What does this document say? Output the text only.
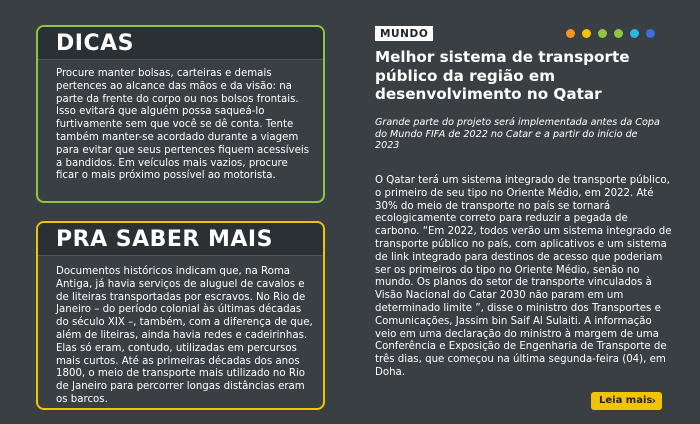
DICAS
Procure manter bolsas, carteiras e demais pertences ao alcance das mãos e da visão: na parte da frente do corpo ou nos bolsos frontais. Isso evitará que alguém possa saqueá-lo furtivamente sem que você se dê conta. Tente também manter-se acordado durante a viagem para evitar que seus pertences fiquem acessíveis a bandidos. Em veículos mais vazios, procure ficar o mais próximo possível ao motorista.
PRA SABER MAIS
Documentos históricos indicam que, na Roma Antiga, já havia serviços de aluguel de cavalos e de liteiras transportadas por escravos. No Rio de Janeiro – do período colonial às últimas décadas do século XIX –, também, com a diferença de que, além de liteiras, ainda havia redes e cadeirinhas. Elas só eram, contudo, utilizadas em percursos mais curtos. Até as primeiras décadas dos anos 1800, o meio de transporte mais utilizado no Rio de Janeiro para percorrer longas distâncias eram os barcos.
MUNDO
Melhor sistema de transporte público da região em desenvolvimento no Qatar
Grande parte do projeto será implementada antes da Copa do Mundo FIFA de 2022 no Catar e a partir do início de 2023

O Qatar terá um sistema integrado de transporte público, o primeiro de seu tipo no Oriente Médio, em 2022. Até 30% do meio de transporte no país se tornará ecologicamente correto para reduzir a pegada de carbono. “Em 2022, todos verão um sistema integrado de transporte público no país, com aplicativos e um sistema de link integrado para destinos de acesso que poderiam ser os primeiros do tipo no Oriente Médio, senão no mundo. Os planos do setor de transporte vinculados à Visão Nacional do Catar 2030 não param em um determinado limite ”, disse o ministro dos Transportes e Comunicações, Jassim bin Saif Al Sulaiti. A informação veio em uma declaração do ministro à margem de uma Conferência e Exposição de Engenharia de Transporte de três dias, que começou na última segunda-feira (04), em Doha.

Leia mais ›
